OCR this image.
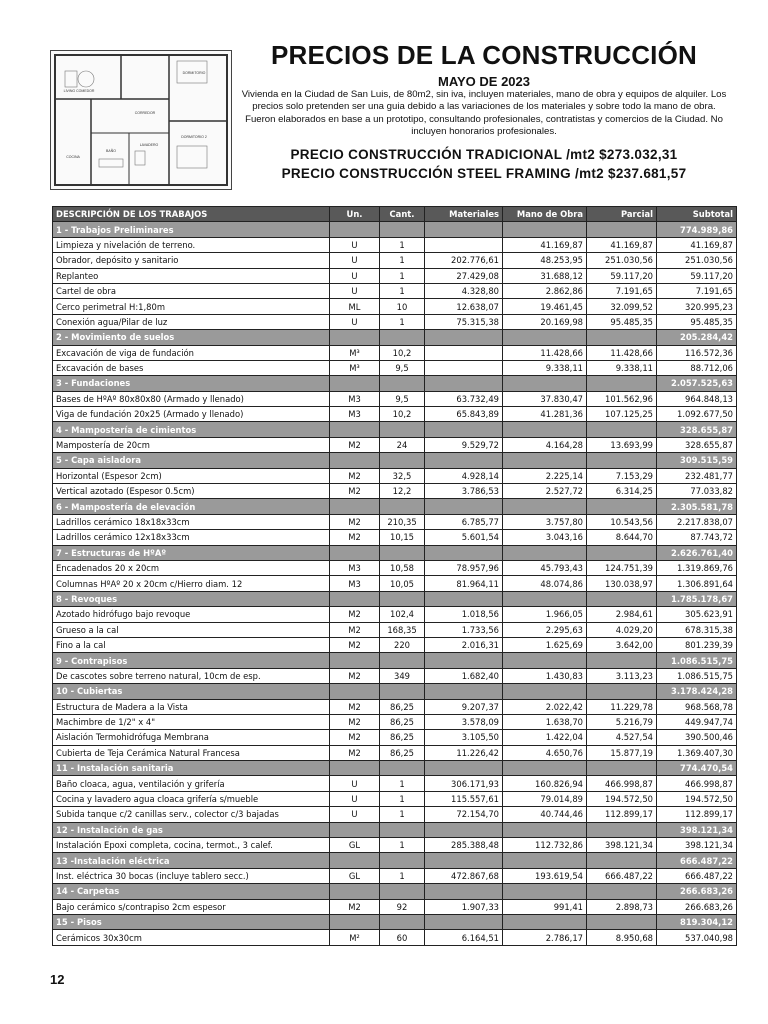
DORMITORIO
LIVING COMEDOR
CORREDOR
COCINA
BAÑO
DORMITORIO 2
LAVADERO
PRECIOS DE LA CONSTRUCCIÓN
MAYO DE 2023
Vivienda en la Ciudad de San Luis, de 80m2, sin iva, incluyen materiales, mano de obra y equipos de alquiler. Los precios solo pretenden ser una guia debido a las variaciones de los materiales y sobre todo la mano de obra. Fueron elaborados en base a un prototipo, consultando profesionales, contratistas y comercios de la Ciudad. No incluyen honorarios profesionales.
PRECIO CONSTRUCCIÓN TRADICIONAL /mt2 $273.032,31
PRECIO CONSTRUCCIÓN STEEL FRAMING /mt2 $237.681,57
DESCRIPCIÓN DE LOS TRABAJOS	Un.	Cant.	Materiales	Mano de Obra	Parcial	Subtotal
1 - Trabajos Preliminares						774.989,86
Limpieza y nivelación de terreno.	U	1		41.169,87	41.169,87	41.169,87
Obrador, depósito y sanitario	U	1	202.776,61	48.253,95	251.030,56	251.030,56
Replanteo	U	1	27.429,08	31.688,12	59.117,20	59.117,20
Cartel de obra	U	1	4.328,80	2.862,86	7.191,65	7.191,65
Cerco perimetral H:1,80m	ML	10	12.638,07	19.461,45	32.099,52	320.995,23
Conexión agua/Pilar de luz	U	1	75.315,38	20.169,98	95.485,35	95.485,35
2 - Movimiento de suelos						205.284,42
Excavación de viga de fundación	M³	10,2		11.428,66	11.428,66	116.572,36
Excavación de bases	M³	9,5		9.338,11	9.338,11	88.712,06
3 - Fundaciones						2.057.525,63
Bases de HºAº 80x80x80 (Armado y llenado)	M3	9,5	63.732,49	37.830,47	101.562,96	964.848,13
Viga de fundación 20x25 (Armado y llenado)	M3	10,2	65.843,89	41.281,36	107.125,25	1.092.677,50
4 - Mampostería de cimientos						328.655,87
Mampostería de 20cm	M2	24	9.529,72	4.164,28	13.693,99	328.655,87
5 - Capa aisladora						309.515,59
Horizontal (Espesor 2cm)	M2	32,5	4.928,14	2.225,14	7.153,29	232.481,77
Vertical azotado (Espesor 0.5cm)	M2	12,2	3.786,53	2.527,72	6.314,25	77.033,82
6 - Mampostería de elevación						2.305.581,78
Ladrillos cerámico 18x18x33cm	M2	210,35	6.785,77	3.757,80	10.543,56	2.217.838,07
Ladrillos cerámico 12x18x33cm	M2	10,15	5.601,54	3.043,16	8.644,70	87.743,72
7 - Estructuras de HºAº						2.626.761,40
Encadenados 20 x 20cm	M3	10,58	78.957,96	45.793,43	124.751,39	1.319.869,76
Columnas HºAº 20 x 20cm c/Hierro diam. 12	M3	10,05	81.964,11	48.074,86	130.038,97	1.306.891,64
8 - Revoques						1.785.178,67
Azotado hidrófugo bajo revoque	M2	102,4	1.018,56	1.966,05	2.984,61	305.623,91
Grueso a la cal	M2	168,35	1.733,56	2.295,63	4.029,20	678.315,38
Fino a la cal	M2	220	2.016,31	1.625,69	3.642,00	801.239,39
9 - Contrapisos						1.086.515,75
De cascotes sobre terreno natural, 10cm de esp.	M2	349	1.682,40	1.430,83	3.113,23	1.086.515,75
10 - Cubiertas						3.178.424,28
Estructura de Madera a la Vista	M2	86,25	9.207,37	2.022,42	11.229,78	968.568,78
Machimbre de 1/2" x 4"	M2	86,25	3.578,09	1.638,70	5.216,79	449.947,74
Aislación Termohidrófuga Membrana	M2	86,25	3.105,50	1.422,04	4.527,54	390.500,46
Cubierta de Teja Cerámica Natural Francesa	M2	86,25	11.226,42	4.650,76	15.877,19	1.369.407,30
11 - Instalación sanitaria						774.470,54
Baño cloaca, agua, ventilación y grifería	U	1	306.171,93	160.826,94	466.998,87	466.998,87
Cocina y lavadero agua cloaca grifería s/mueble	U	1	115.557,61	79.014,89	194.572,50	194.572,50
Subida tanque c/2 canillas serv., colector c/3 bajadas	U	1	72.154,70	40.744,46	112.899,17	112.899,17
12 - Instalación de gas						398.121,34
Instalación Epoxi completa, cocina, termot., 3 calef.	GL	1	285.388,48	112.732,86	398.121,34	398.121,34
13 -Instalación eléctrica						666.487,22
Inst. eléctrica 30 bocas (incluye tablero secc.)	GL	1	472.867,68	193.619,54	666.487,22	666.487,22
14 - Carpetas						266.683,26
Bajo cerámico s/contrapiso 2cm espesor	M2	92	1.907,33	991,41	2.898,73	266.683,26
15 - Pisos						819.304,12
Cerámicos 30x30cm	M²	60	6.164,51	2.786,17	8.950,68	537.040,98
12
